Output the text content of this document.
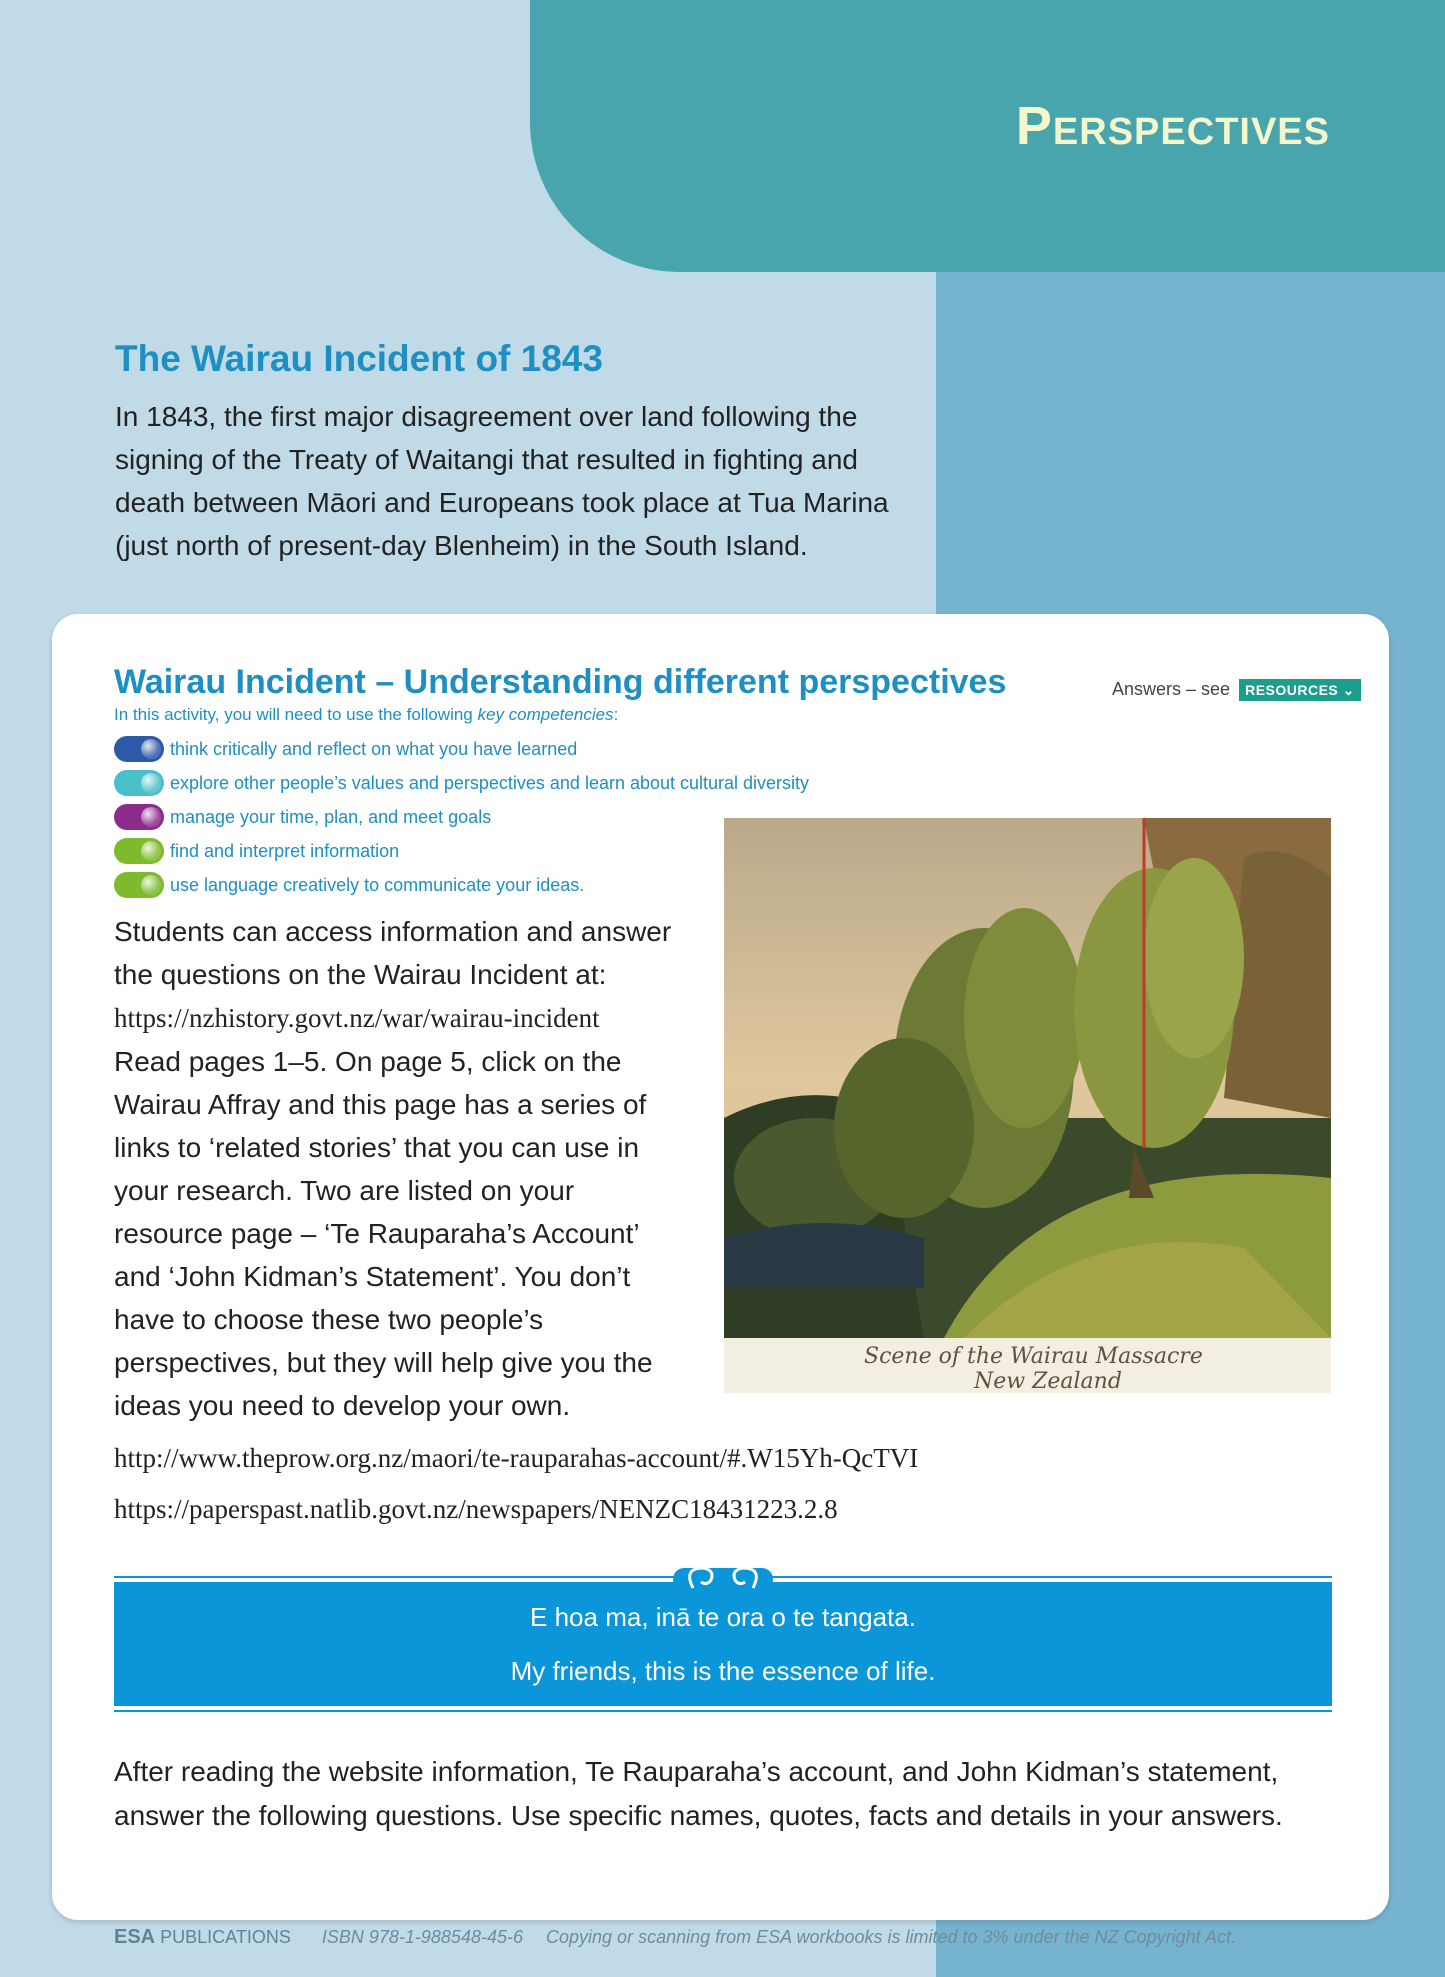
Perspectives
The Wairau Incident of 1843
In 1843, the first major disagreement over land following the signing of the Treaty of Waitangi that resulted in fighting and death between Māori and Europeans took place at Tua Marina (just north of present-day Blenheim) in the South Island.
Wairau Incident – Understanding different perspectives	Answers – see RESOURCES ⌄
In this activity, you will need to use the following key competencies:
think critically and reflect on what you have learned
explore other people’s values and perspectives and learn about cultural diversity
manage your time, plan, and meet goals
find and interpret information
use language creatively to communicate your ideas.
Students can access information and answer the questions on the Wairau Incident at:
https://nzhistory.govt.nz/war/wairau-incident
Read pages 1–5. On page 5, click on the Wairau Affray and this page has a series of links to ‘related stories’ that you can use in your research. Two are listed on your resource page – ‘Te Rauparaha’s Account’ and ‘John Kidman’s Statement’. You don’t have to choose these two people’s perspectives, but they will help give you the ideas you need to develop your own.
Scene of the Wairau Massacre
New Zealand
http://www.theprow.org.nz/maori/te-rauparahas-account/#.W15Yh-QcTVI
https://paperspast.natlib.govt.nz/newspapers/NENZC18431223.2.8
E hoa ma, inā te ora o te tangata.
My friends, this is the essence of life.
After reading the website information, Te Rauparaha’s account, and John Kidman’s statement, answer the following questions. Use specific names, quotes, facts and details in your answers.
ESA PUBLICATIONS ISBN 978-1-988548-45-6 Copying or scanning from ESA workbooks is limited to 3% under the NZ Copyright Act.
